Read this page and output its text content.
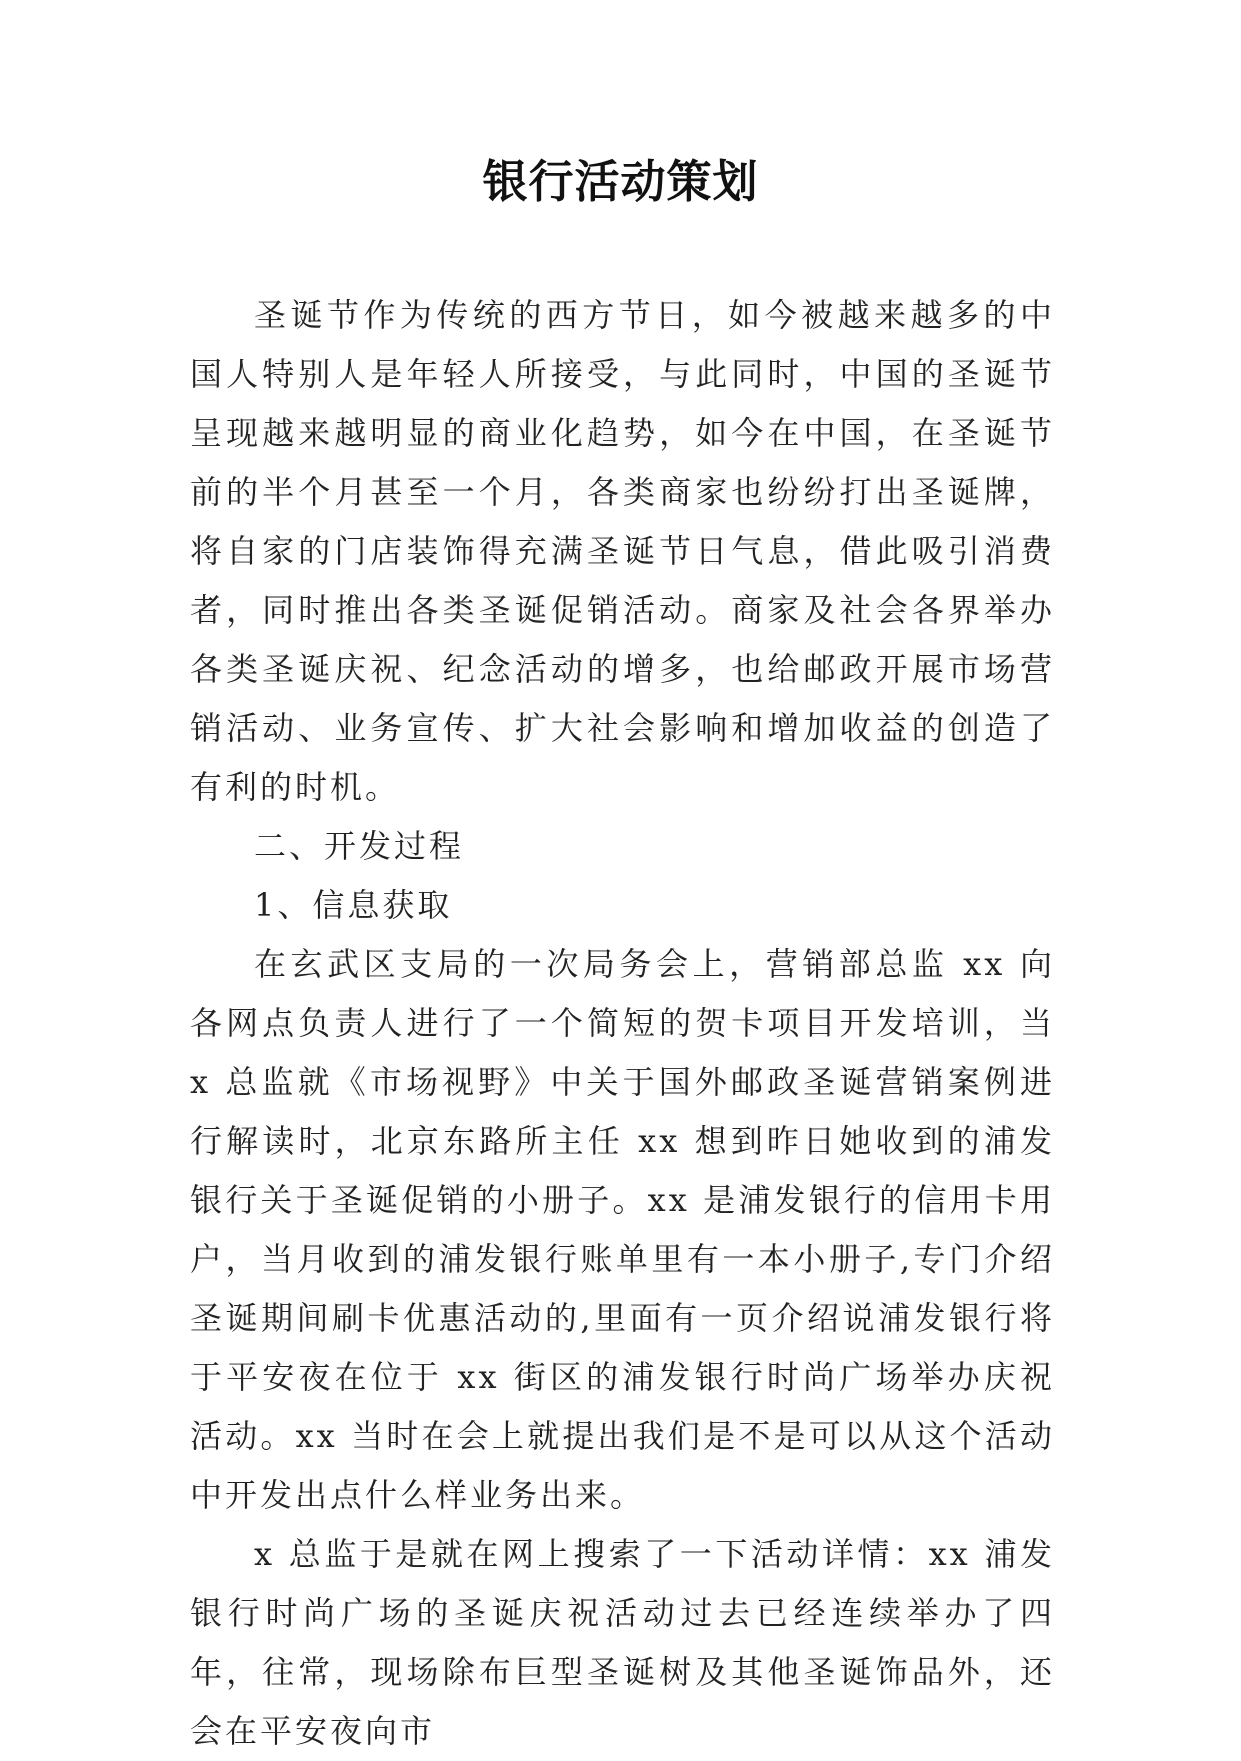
银行活动策划

圣诞节作为传统的西方节日，如今被越来越多的中国人特别人是年轻人所接受，与此同时，中国的圣诞节呈现越来越明显的商业化趋势，如今在中国，在圣诞节前的半个月甚至一个月，各类商家也纷纷打出圣诞牌，将自家的门店装饰得充满圣诞节日气息，借此吸引消费者，同时推出各类圣诞促销活动。商家及社会各界举办各类圣诞庆祝、纪念活动的增多，也给邮政开展市场营销活动、业务宣传、扩大社会影响和增加收益的创造了有利的时机。

二、开发过程

1、信息获取

在玄武区支局的一次局务会上，营销部总监 xx 向各网点负责人进行了一个简短的贺卡项目开发培训，当 x 总监就《市场视野》中关于国外邮政圣诞营销案例进行解读时，北京东路所主任 xx 想到昨日她收到的浦发银行关于圣诞促销的小册子。xx 是浦发银行的信用卡用户，当月收到的浦发银行账单里有一本小册子,专门介绍圣诞期间刷卡优惠活动的,里面有一页介绍说浦发银行将于平安夜在位于 xx 街区的浦发银行时尚广场举办庆祝活动。xx 当时在会上就提出我们是不是可以从这个活动中开发出点什么样业务出来。

x 总监于是就在网上搜索了一下活动详情：xx 浦发银行时尚广场的圣诞庆祝活动过去已经连续举办了四年，往常，现场除布巨型圣诞树及其他圣诞饰品外，还会在平安夜向市
